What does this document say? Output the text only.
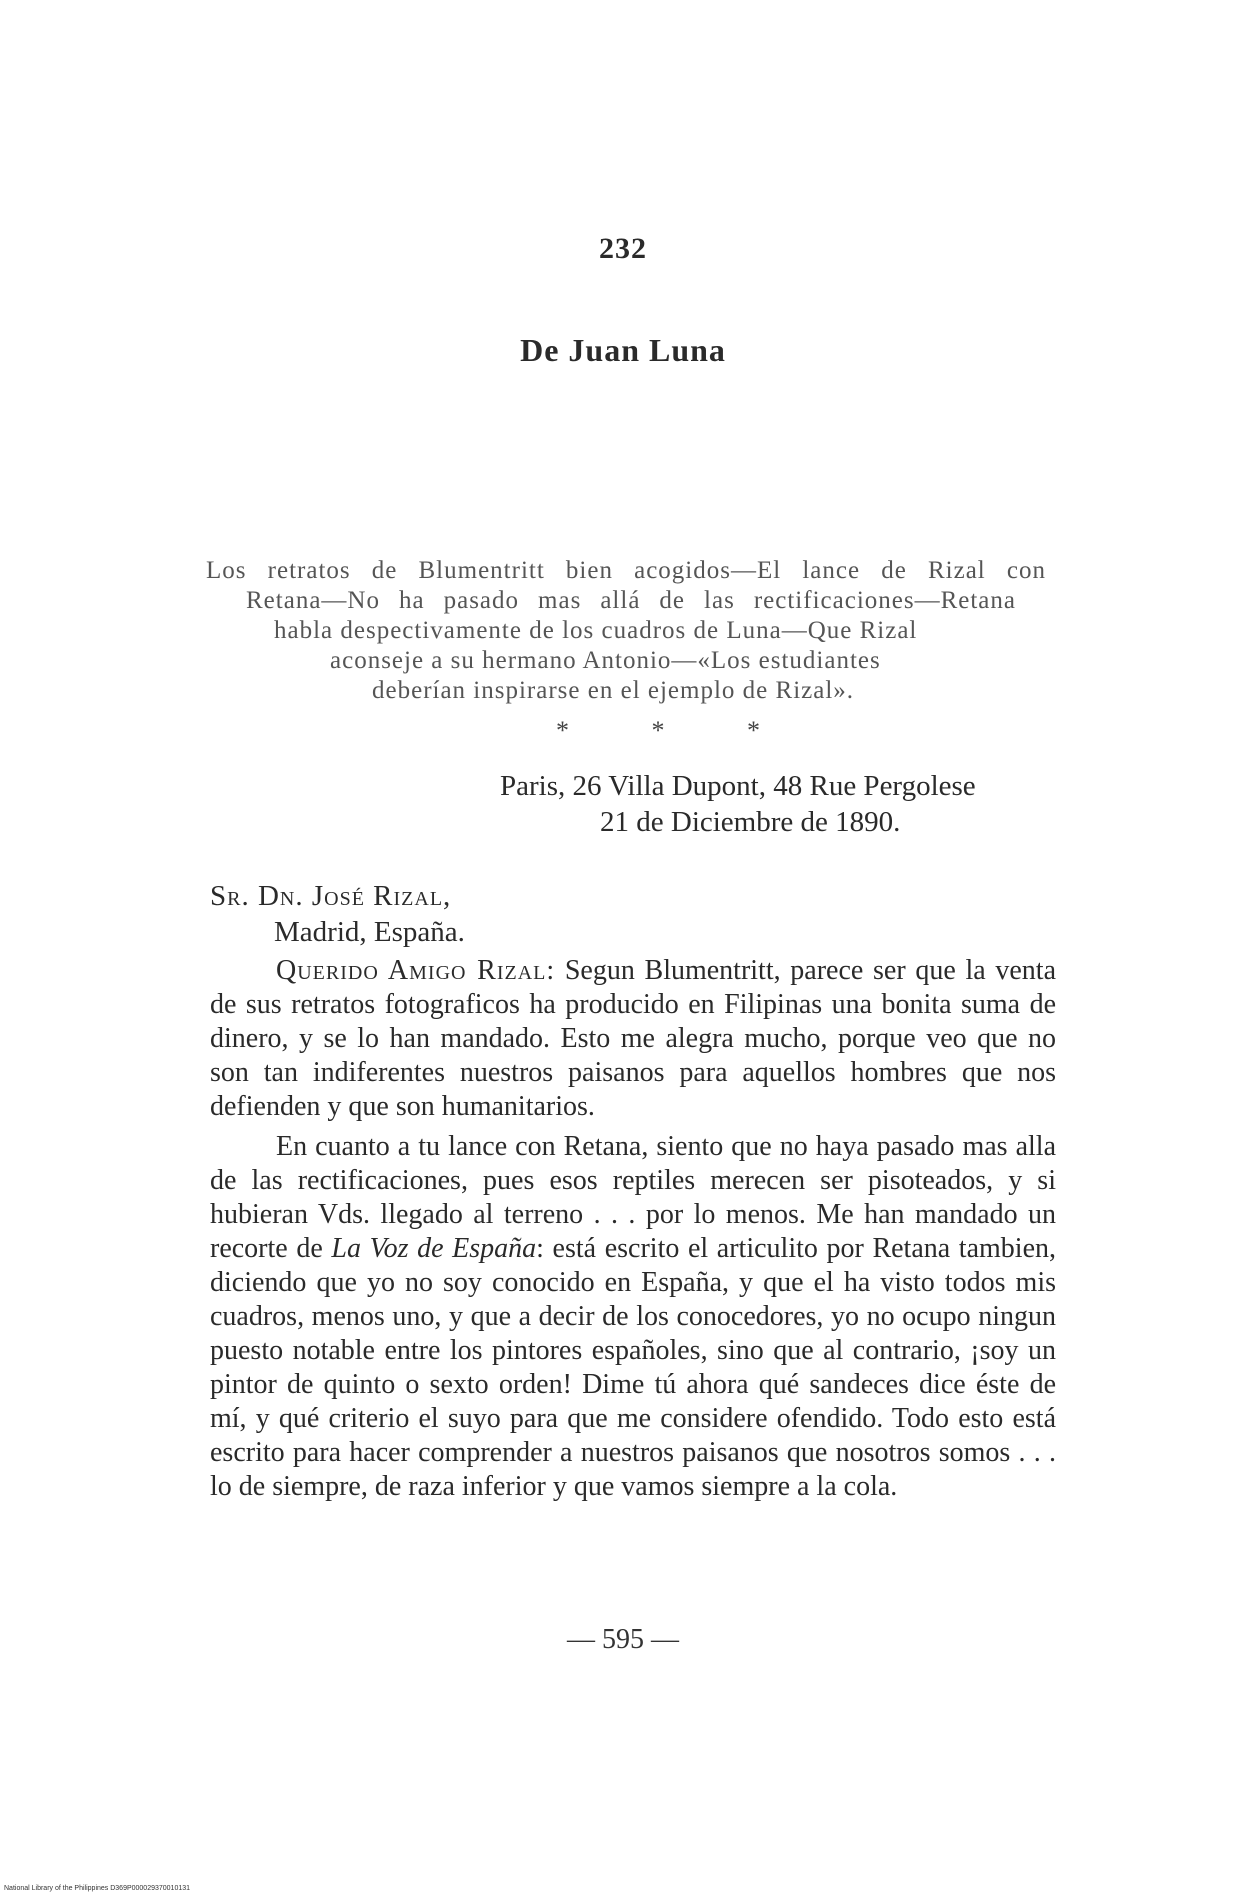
232
De Juan Luna
Los retratos de Blumentritt bien acogidos—El lance de Rizal con
Retana—No ha pasado mas allá de las rectificaciones—Retana
habla despectivamente de los cuadros de Luna—Que Rizal
aconseje a su hermano Antonio—«Los estudiantes
deberían inspirarse en el ejemplo de Rizal».
* * *
Paris, 26 Villa Dupont, 48 Rue Pergolese
21 de Diciembre de 1890.
Sr. Dn. José Rizal,
Madrid, España.

Querido Amigo Rizal: Segun Blumentritt, parece ser que la venta de sus retratos fotograficos ha producido en Filipinas una bonita suma de dinero, y se lo han mandado. Esto me alegra mucho, porque veo que no son tan indiferentes nuestros paisanos para aquellos hombres que nos defienden y que son humanitarios.

En cuanto a tu lance con Retana, siento que no haya pasado mas alla de las rectificaciones, pues esos reptiles merecen ser pisoteados, y si hubieran Vds. llegado al terreno . . . por lo menos. Me han mandado un recorte de La Voz de España: está escrito el articulito por Retana tambien, diciendo que yo no soy conocido en España, y que el ha visto todos mis cuadros, menos uno, y que a decir de los conocedores, yo no ocupo ningun puesto notable entre los pintores españoles, sino que al contrario, ¡soy un pintor de quinto o sexto orden! Dime tú ahora qué sandeces dice éste de mí, y qué criterio el suyo para que me considere ofendido. Todo esto está escrito para hacer comprender a nuestros paisanos que nosotros somos . . . lo de siempre, de raza inferior y que vamos siempre a la cola.

— 595 —
National Library of the Philippines D369P000029370010131
